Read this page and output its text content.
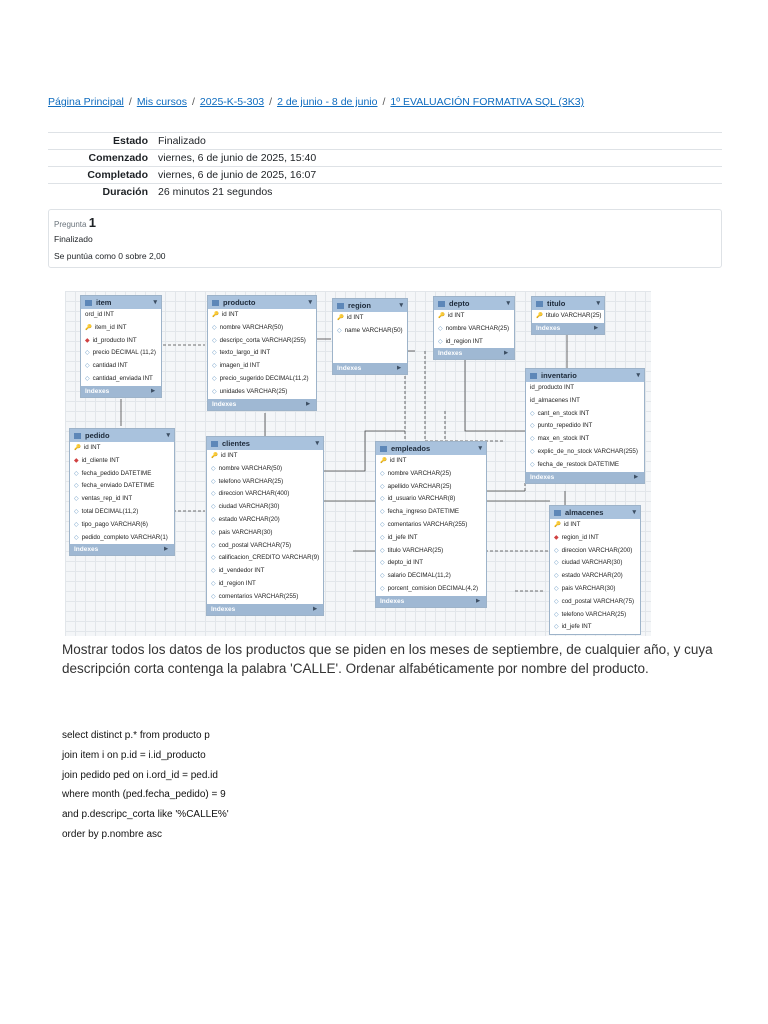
Página Principal / Mis cursos / 2025-K-5-303 / 2 de junio - 8 de junio / 1º EVALUACIÓN FORMATIVA SQL (3K3)
Estado	Finalizado
Comenzado	viernes, 6 de junio de 2025, 15:40
Completado	viernes, 6 de junio de 2025, 16:07
Duración	26 minutos 21 segundos
Pregunta 1
Finalizado
Se puntúa como 0 sobre 2,00
item ▾
ord_id INT
🔑 item_id INT
◆ id_producto INT
◇ precio DECIMAL (11,2)
◇ cantidad INT
◇ cantidad_enviada INT
Indexes ▶
producto ▾
🔑 id INT
◇ nombre VARCHAR(50)
◇ descripc_corta VARCHAR(255)
◇ texto_largo_id INT
◇ imagen_id INT
◇ precio_sugerido DECIMAL(11,2)
◇ unidades VARCHAR(25)
Indexes ▶
region ▾
🔑 id INT
◇ name VARCHAR(50)
Indexes ▶
depto ▾
🔑 id INT
◇ nombre VARCHAR(25)
◇ id_region INT
Indexes ▶
titulo ▾
🔑 titulo VARCHAR(25)
Indexes ▶
inventario ▾
id_producto INT
id_almacenes INT
◇ cant_en_stock INT
◇ punto_repedido INT
◇ max_en_stock INT
◇ explic_de_no_stock VARCHAR(255)
◇ fecha_de_restock DATETIME
Indexes ▶
pedido ▾
🔑 id INT
◆ id_cliente INT
◇ fecha_pedido DATETIME
◇ fecha_enviado DATETIME
◇ ventas_rep_id INT
◇ total DECIMAL(11,2)
◇ tipo_pago VARCHAR(6)
◇ pedido_completo VARCHAR(1)
Indexes ▶
clientes ▾
🔑 id INT
◇ nombre VARCHAR(50)
◇ telefono VARCHAR(25)
◇ direccion VARCHAR(400)
◇ ciudad VARCHAR(30)
◇ estado VARCHAR(20)
◇ pais VARCHAR(30)
◇ cod_postal VARCHAR(75)
◇ calificacion_CREDITO VARCHAR(9)
◇ id_vendedor INT
◇ id_region INT
◇ comentarios VARCHAR(255)
Indexes ▶
empleados ▾
🔑 id INT
◇ nombre VARCHAR(25)
◇ apellido VARCHAR(25)
◇ id_usuario VARCHAR(8)
◇ fecha_ingreso DATETIME
◇ comentarios VARCHAR(255)
◇ id_jefe INT
◇ titulo VARCHAR(25)
◇ depto_id INT
◇ salario DECIMAL(11,2)
◇ porcent_comision DECIMAL(4,2)
Indexes ▶
almacenes ▾
🔑 id INT
◆ region_id INT
◇ direccion VARCHAR(200)
◇ ciudad VARCHAR(30)
◇ estado VARCHAR(20)
◇ pais VARCHAR(30)
◇ cod_postal VARCHAR(75)
◇ telefono VARCHAR(25)
◇ id_jefe INT
Mostrar todos los datos de los productos que se piden en los meses de septiembre, de cualquier año, y cuya descripción corta contenga la palabra 'CALLE'. Ordenar alfabéticamente por nombre del producto.
select distinct p.* from producto p
join item i on p.id = i.id_producto
join pedido ped on i.ord_id = ped.id
where month (ped.fecha_pedido) = 9
and p.descripc_corta like '%CALLE%'
order by p.nombre asc
